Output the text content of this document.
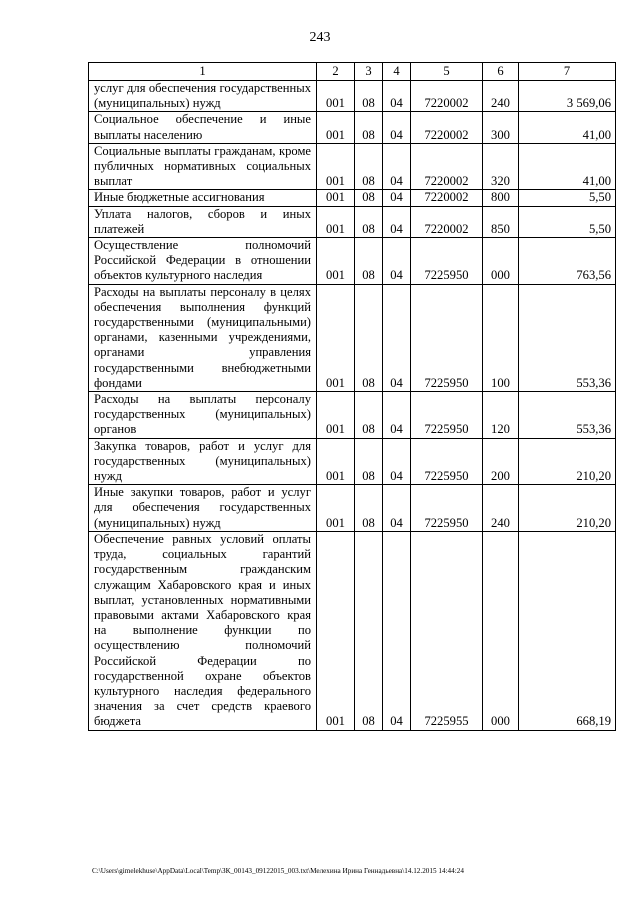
243
1	2	3	4	5	6	7
услуг для обеспечения государственных (муниципальных) нужд	001	08	04	7220002	240	3 569,06
Социальное обеспечение и иные выплаты населению	001	08	04	7220002	300	41,00
Социальные выплаты гражданам, кроме публичных нормативных социальных выплат	001	08	04	7220002	320	41,00
Иные бюджетные ассигнования	001	08	04	7220002	800	5,50
Уплата налогов, сборов и иных платежей	001	08	04	7220002	850	5,50
Осуществление полномочий Российской Федерации в отношении объектов культурного наследия	001	08	04	7225950	000	763,56
Расходы на выплаты персоналу в целях обеспечения выполнения функций государственными (муниципальными) органами, казенными учреждениями, органами управления государственными внебюджетными фондами	001	08	04	7225950	100	553,36
Расходы на выплаты персоналу государственных (муниципальных) органов	001	08	04	7225950	120	553,36
Закупка товаров, работ и услуг для государственных (муниципальных) нужд	001	08	04	7225950	200	210,20
Иные закупки товаров, работ и услуг для обеспечения государственных (муниципальных) нужд	001	08	04	7225950	240	210,20
Обеспечение равных условий оплаты труда, социальных гарантий государственным гражданским служащим Хабаровского края и иных выплат, установленных нормативными правовыми актами Хабаровского края на выполнение функции по осуществлению полномочий Российской Федерации по государственной охране объектов культурного наследия федерального значения за счет средств краевого бюджета	001	08	04	7225955	000	668,19
C:\Users\gimelekhuse\AppData\Local\Temp\ЗК_00143_09122015_003.txt\Мелехина Ирина Геннадьевна\14.12.2015 14:44:24
